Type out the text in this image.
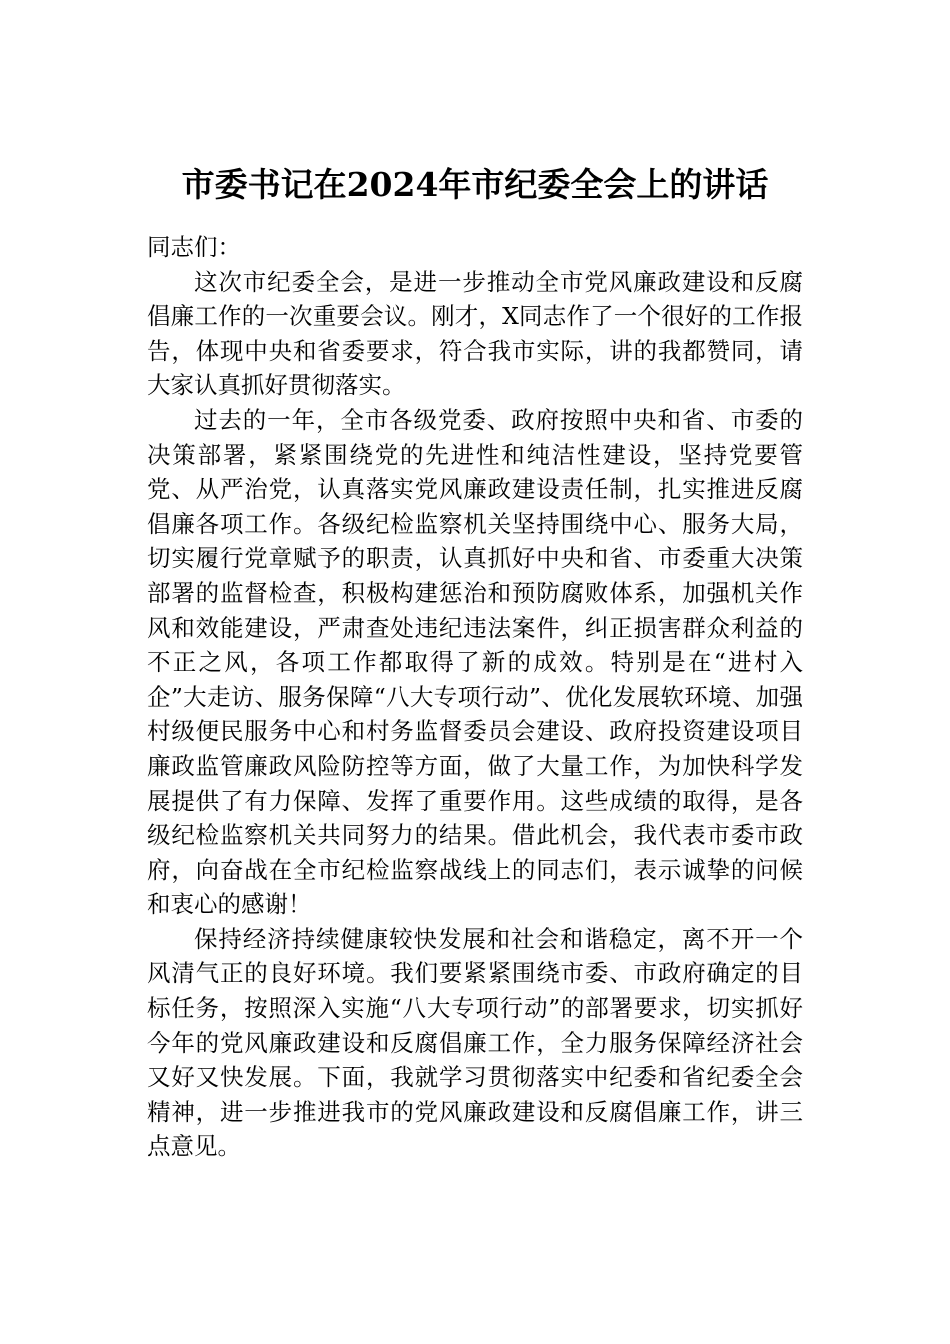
市委书记在2024年市纪委全会上的讲话

同志们：

这次市纪委全会，是进一步推动全市党风廉政建设和反腐倡廉工作的一次重要会议。刚才，X同志作了一个很好的工作报告，体现中央和省委要求，符合我市实际，讲的我都赞同，请大家认真抓好贯彻落实。

过去的一年，全市各级党委、政府按照中央和省、市委的决策部署，紧紧围绕党的先进性和纯洁性建设，坚持党要管党、从严治党，认真落实党风廉政建设责任制，扎实推进反腐倡廉各项工作。各级纪检监察机关坚持围绕中心、服务大局，切实履行党章赋予的职责，认真抓好中央和省、市委重大决策部署的监督检查，积极构建惩治和预防腐败体系，加强机关作风和效能建设，严肃查处违纪违法案件，纠正损害群众利益的不正之风，各项工作都取得了新的成效。特别是在“进村入企”大走访、服务保障“八大专项行动”、优化发展软环境、加强村级便民服务中心和村务监督委员会建设、政府投资建设项目廉政监管廉政风险防控等方面，做了大量工作，为加快科学发展提供了有力保障、发挥了重要作用。这些成绩的取得，是各级纪检监察机关共同努力的结果。借此机会，我代表市委市政府，向奋战在全市纪检监察战线上的同志们，表示诚挚的问候和衷心的感谢！

保持经济持续健康较快发展和社会和谐稳定，离不开一个风清气正的良好环境。我们要紧紧围绕市委、市政府确定的目标任务，按照深入实施“八大专项行动”的部署要求，切实抓好今年的党风廉政建设和反腐倡廉工作，全力服务保障经济社会又好又快发展。下面，我就学习贯彻落实中纪委和省纪委全会精神，进一步推进我市的党风廉政建设和反腐倡廉工作，讲三点意见。
